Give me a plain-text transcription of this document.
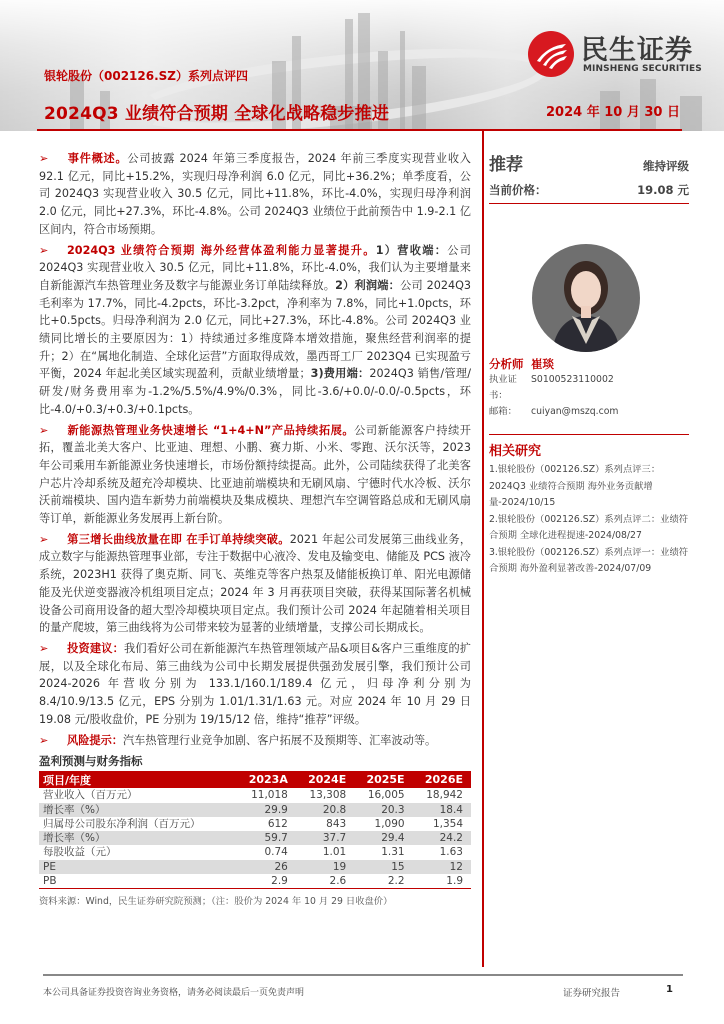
民生证券
MINSHENG SECURITIES
银轮股份（002126.SZ）系列点评四
2024Q3 业绩符合预期 全球化战略稳步推进	2024 年 10 月 30 日
➢ 事件概述。公司披露 2024 年第三季度报告，2024 年前三季度实现营业收入 92.1 亿元，同比+15.2%，实现归母净利润 6.0 亿元，同比+36.2%；单季度看，公司 2024Q3 实现营业收入 30.5 亿元，同比+11.8%，环比-4.0%，实现归母净利润 2.0 亿元，同比+27.3%，环比-4.8%。公司 2024Q3 业绩位于此前预告中 1.9-2.1 亿区间内，符合市场预期。
➢ 2024Q3 业绩符合预期 海外经营体盈利能力显著提升。1）营收端：公司 2024Q3 实现营业收入 30.5 亿元，同比+11.8%，环比-4.0%，我们认为主要增量来自新能源汽车热管理业务及数字与能源业务订单陆续释放。2）利润端：公司 2024Q3 毛利率为 17.7%，同比-4.2pcts，环比-3.2pct，净利率为 7.8%，同比+1.0pcts，环比+0.5pcts。归母净利润为 2.0 亿元，同比+27.3%，环比-4.8%。公司 2024Q3 业绩同比增长的主要原因为：1）持续通过多维度降本增效措施，聚焦经营利润率的提升；2）在“属地化制造、全球化运营”方面取得成效，墨西哥工厂 2023Q4 已实现盈亏平衡，2024 年起北美区域实现盈利，贡献业绩增量；3)费用端：2024Q3 销售/管理/研发/财务费用率为-1.2%/5.5%/4.9%/0.3%，同比-3.6/+0.0/-0.0/-0.5pcts，环比-4.0/+0.3/+0.3/+0.1pcts。
➢ 新能源热管理业务快速增长 “1+4+N”产品持续拓展。公司新能源客户持续开拓，覆盖北美大客户、比亚迪、理想、小鹏、赛力斯、小米、零跑、沃尔沃等，2023 年公司乘用车新能源业务快速增长，市场份额持续提高。此外，公司陆续获得了北美客户芯片冷却系统及超充冷却模块、比亚迪前端模块和无刷风扇、宁德时代水冷板、沃尔沃前端模块、国内造车新势力前端模块及集成模块、理想汽车空调管路总成和无刷风扇等订单，新能源业务发展再上新台阶。
➢ 第三增长曲线放量在即 在手订单持续突破。2021 年起公司发展第三曲线业务，成立数字与能源热管理事业部，专注于数据中心液冷、发电及输变电、储能及 PCS 液冷系统，2023H1 获得了奥克斯、同飞、英维克等客户热泵及储能板换订单、阳光电源储能及光伏逆变器液冷机组项目定点；2024 年 3 月再获项目突破，获得某国际著名机械设备公司商用设备的超大型冷却模块项目定点。我们预计公司 2024 年起随着相关项目的量产爬坡，第三曲线将为公司带来较为显著的业绩增量，支撑公司长期成长。
➢ 投资建议：我们看好公司在新能源汽车热管理领域产品&项目&客户三重维度的扩展，以及全球化布局、第三曲线为公司中长期发展提供强劲发展引擎，我们预计公司 2024-2026 年营收分别为 133.1/160.1/189.4 亿元，归母净利分别为 8.4/10.9/13.5 亿元，EPS 分别为 1.01/1.31/1.63 元。对应 2024 年 10 月 29 日 19.08 元/股收盘价，PE 分别为 19/15/12 倍，维持“推荐”评级。
➢ 风险提示：汽车热管理行业竞争加剧、客户拓展不及预期等、汇率波动等。
盈利预测与财务指标
项目/年度	2023A	2024E	2025E	2026E
营业收入（百万元）	11,018	13,308	16,005	18,942
增长率（%）	29.9	20.8	20.3	18.4
归属母公司股东净利润（百万元）	612	843	1,090	1,354
增长率（%）	59.7	37.7	29.4	24.2
每股收益（元）	0.74	1.01	1.31	1.63
PE	26	19	15	12
PB	2.9	2.6	2.2	1.9
资料来源：Wind，民生证券研究院预测；（注：股价为 2024 年 10 月 29 日收盘价）
推荐	维持评级
当前价格：	19.08 元
分析师 崔琰
执业证书：
S0100523110002
邮箱：	cuiyan@mszq.com
相关研究
1.银轮股份（002126.SZ）系列点评三：2024Q3 业绩符合预期 海外业务贡献增量-2024/10/15
2.银轮股份（002126.SZ）系列点评二：业绩符合预期 全球化进程提速-2024/08/27
3.银轮股份（002126.SZ）系列点评一：业绩符合预期 海外盈利显著改善-2024/07/09
本公司具备证券投资咨询业务资格，请务必阅读最后一页免责声明	证券研究报告	1
